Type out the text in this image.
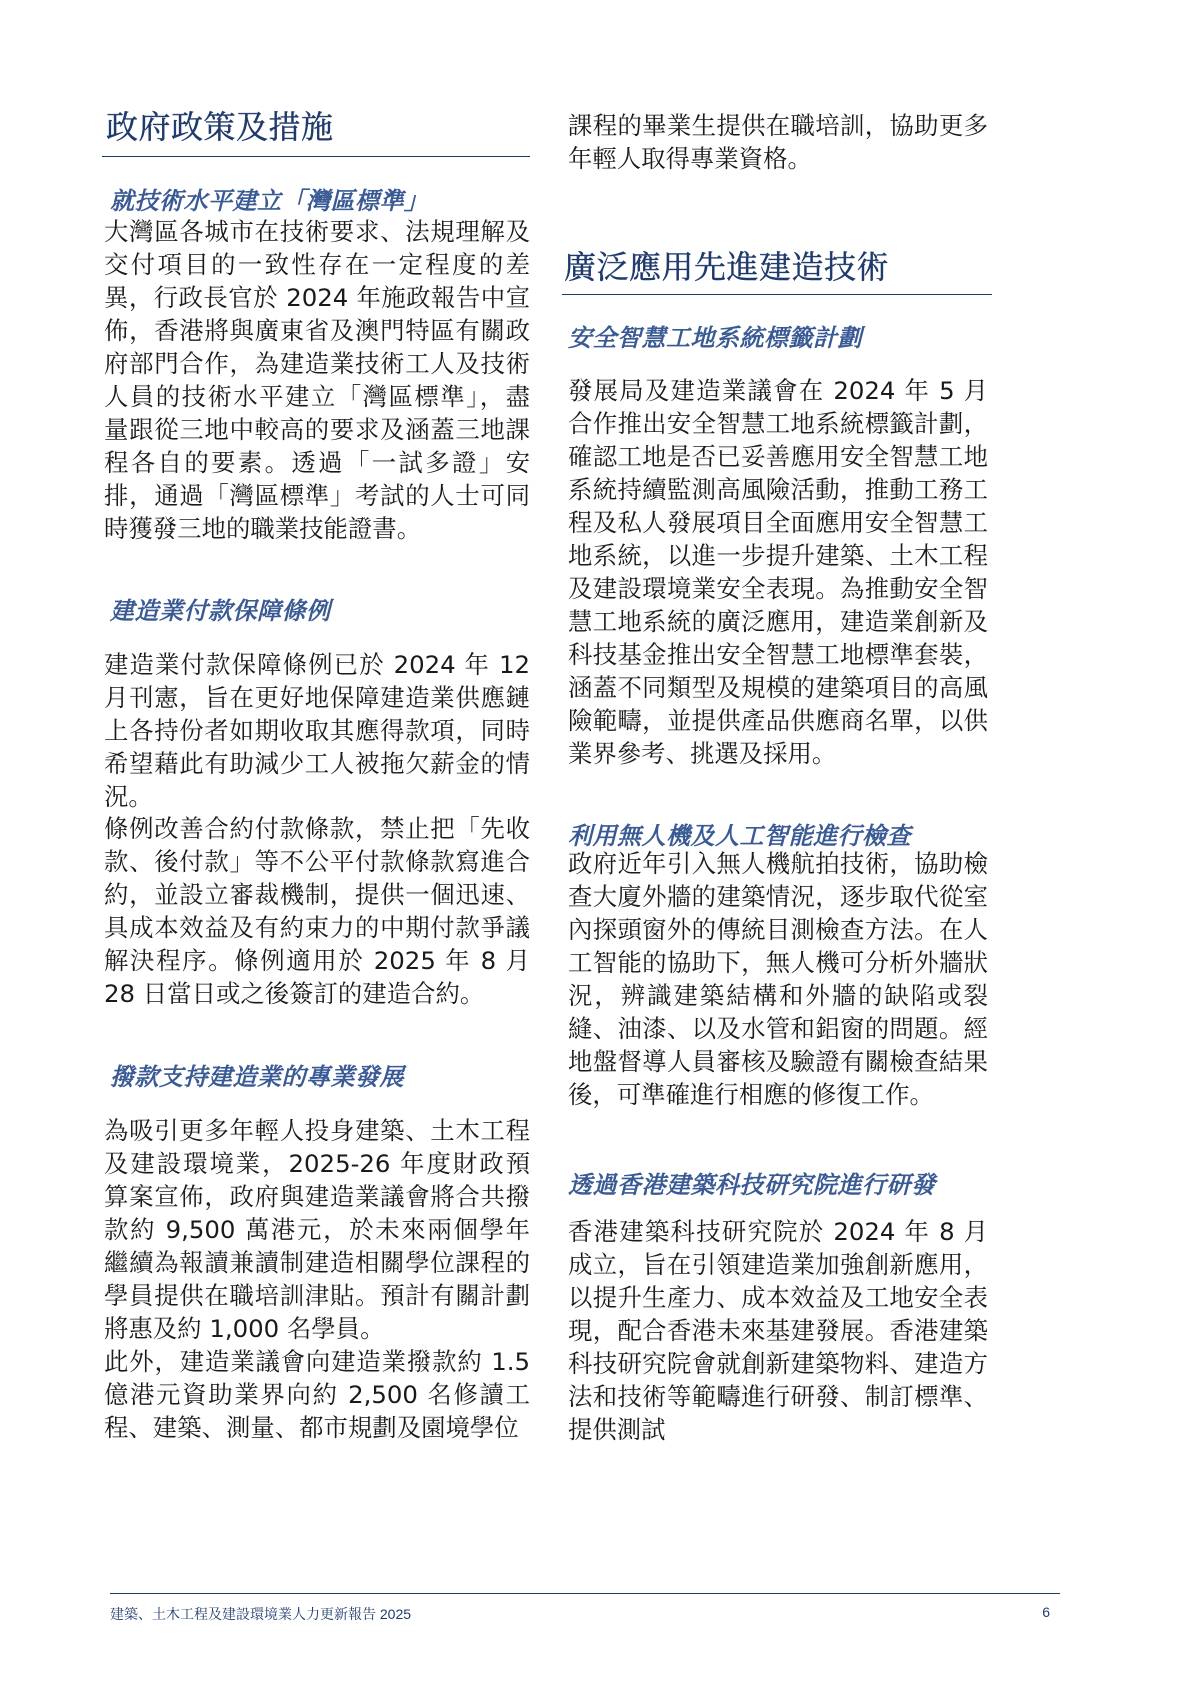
政府政策及措施
就技術水平建立「灣區標準」

大灣區各城市在技術要求、法規理解及交付項目的一致性存在一定程度的差異，行政長官於 2024 年施政報告中宣佈，香港將與廣東省及澳門特區有關政府部門合作，為建造業技術工人及技術人員的技術水平建立「灣區標準」，盡量跟從三地中較高的要求及涵蓋三地課程各自的要素。透過「一試多證」安排，通過「灣區標準」考試的人士可同時獲發三地的職業技能證書。

建造業付款保障條例

建造業付款保障條例已於 2024 年 12 月刊憲，旨在更好地保障建造業供應鏈上各持份者如期收取其應得款項，同時希望藉此有助減少工人被拖欠薪金的情況。

條例改善合約付款條款，禁止把「先收款、後付款」等不公平付款條款寫進合約，並設立審裁機制，提供一個迅速、具成本效益及有約束力的中期付款爭議解決程序。條例適用於 2025 年 8 月 28 日當日或之後簽訂的建造合約。

撥款支持建造業的專業發展

為吸引更多年輕人投身建築、土木工程及建設環境業，2025-26 年度財政預算案宣佈，政府與建造業議會將合共撥款約 9,500 萬港元，於未來兩個學年繼續為報讀兼讀制建造相關學位課程的學員提供在職培訓津貼。預計有關計劃將惠及約 1,000 名學員。

此外，建造業議會向建造業撥款約 1.5 億港元資助業界向約 2,500 名修讀工程、建築、測量、都市規劃及園境學位

課程的畢業生提供在職培訓，協助更多年輕人取得專業資格。

廣泛應用先進建造技術
安全智慧工地系統標籤計劃

發展局及建造業議會在 2024 年 5 月合作推出安全智慧工地系統標籤計劃，確認工地是否已妥善應用安全智慧工地系統持續監測高風險活動，推動工務工程及私人發展項目全面應用安全智慧工地系統，以進一步提升建築、土木工程及建設環境業安全表現。為推動安全智慧工地系統的廣泛應用，建造業創新及科技基金推出安全智慧工地標準套裝，涵蓋不同類型及規模的建築項目的高風險範疇，並提供產品供應商名單，以供業界參考、挑選及採用。

利用無人機及人工智能進行檢查

政府近年引入無人機航拍技術，協助檢查大廈外牆的建築情況，逐步取代從室內探頭窗外的傳統目測檢查方法。在人工智能的協助下，無人機可分析外牆狀況，辨識建築結構和外牆的缺陷或裂縫、油漆、以及水管和鋁窗的問題。經地盤督導人員審核及驗證有關檢查結果後，可準確進行相應的修復工作。

透過香港建築科技研究院進行研發

香港建築科技研究院於 2024 年 8 月成立，旨在引領建造業加強創新應用，以提升生產力、成本效益及工地安全表現，配合香港未來基建發展。香港建築科技研究院會就創新建築物料、建造方法和技術等範疇進行研發、制訂標準、提供測試

建築、土木工程及建設環境業人力更新報告 2025	6
